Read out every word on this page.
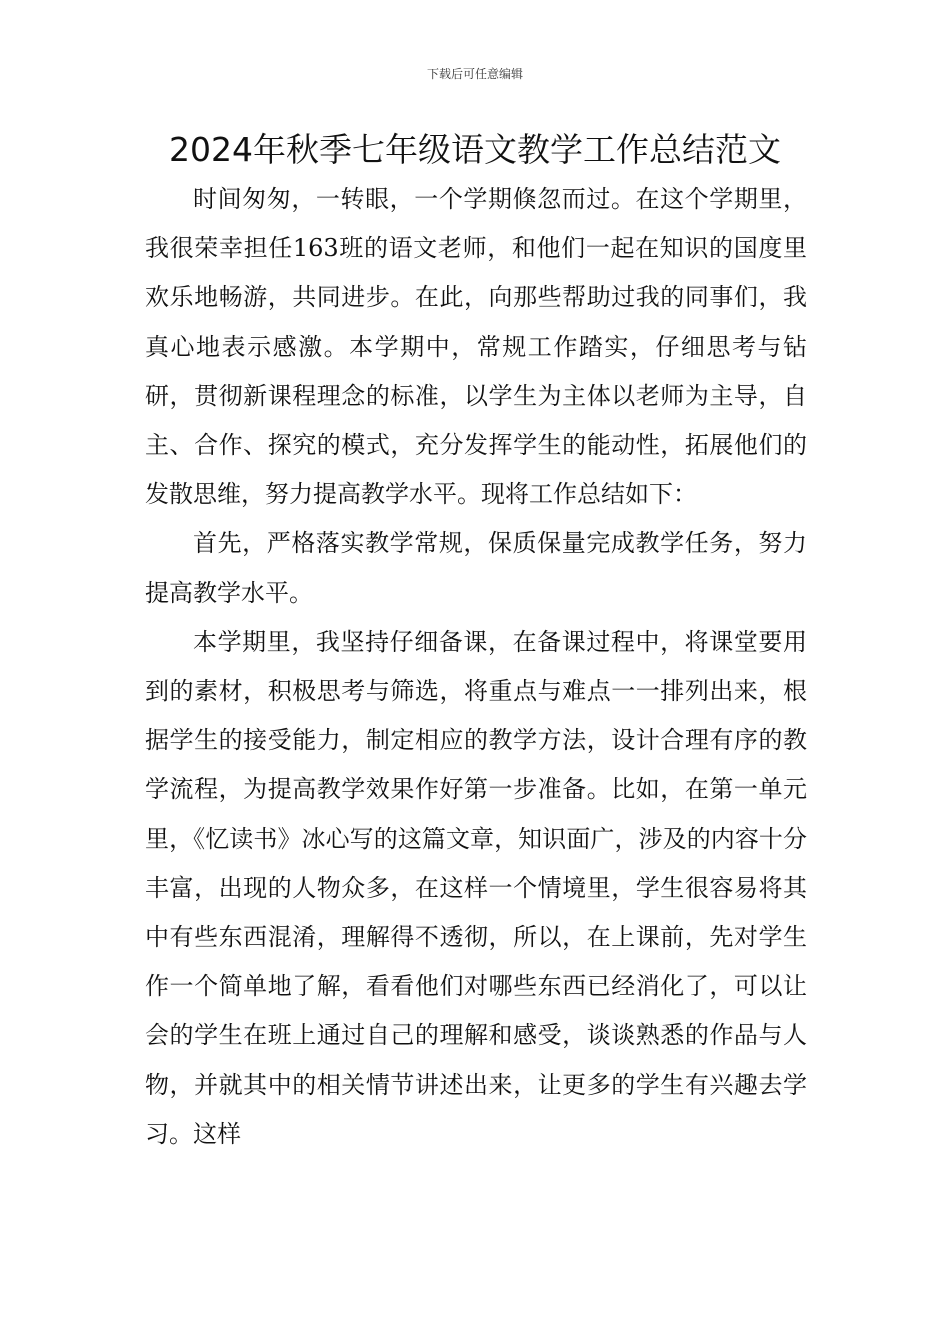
下载后可任意编辑
2024年秋季七年级语文教学工作总结范文

时间匆匆，一转眼，一个学期倏忽而过。在这个学期里，我很荣幸担任163班的语文老师，和他们一起在知识的国度里欢乐地畅游，共同进步。在此，向那些帮助过我的同事们，我真心地表示感激。本学期中，常规工作踏实，仔细思考与钻研，贯彻新课程理念的标准，以学生为主体以老师为主导，自主、合作、探究的模式，充分发挥学生的能动性，拓展他们的发散思维，努力提高教学水平。现将工作总结如下：

首先，严格落实教学常规，保质保量完成教学任务，努力提高教学水平。

本学期里，我坚持仔细备课，在备课过程中，将课堂要用到的素材，积极思考与筛选，将重点与难点一一排列出来，根据学生的接受能力，制定相应的教学方法，设计合理有序的教学流程，为提高教学效果作好第一步准备。比如，在第一单元里，《忆读书》冰心写的这篇文章，知识面广，涉及的内容十分丰富，出现的人物众多，在这样一个情境里，学生很容易将其中有些东西混淆，理解得不透彻，所以，在上课前，先对学生作一个简单地了解，看看他们对哪些东西已经消化了，可以让会的学生在班上通过自己的理解和感受，谈谈熟悉的作品与人物，并就其中的相关情节讲述出来，让更多的学生有兴趣去学习。这样
